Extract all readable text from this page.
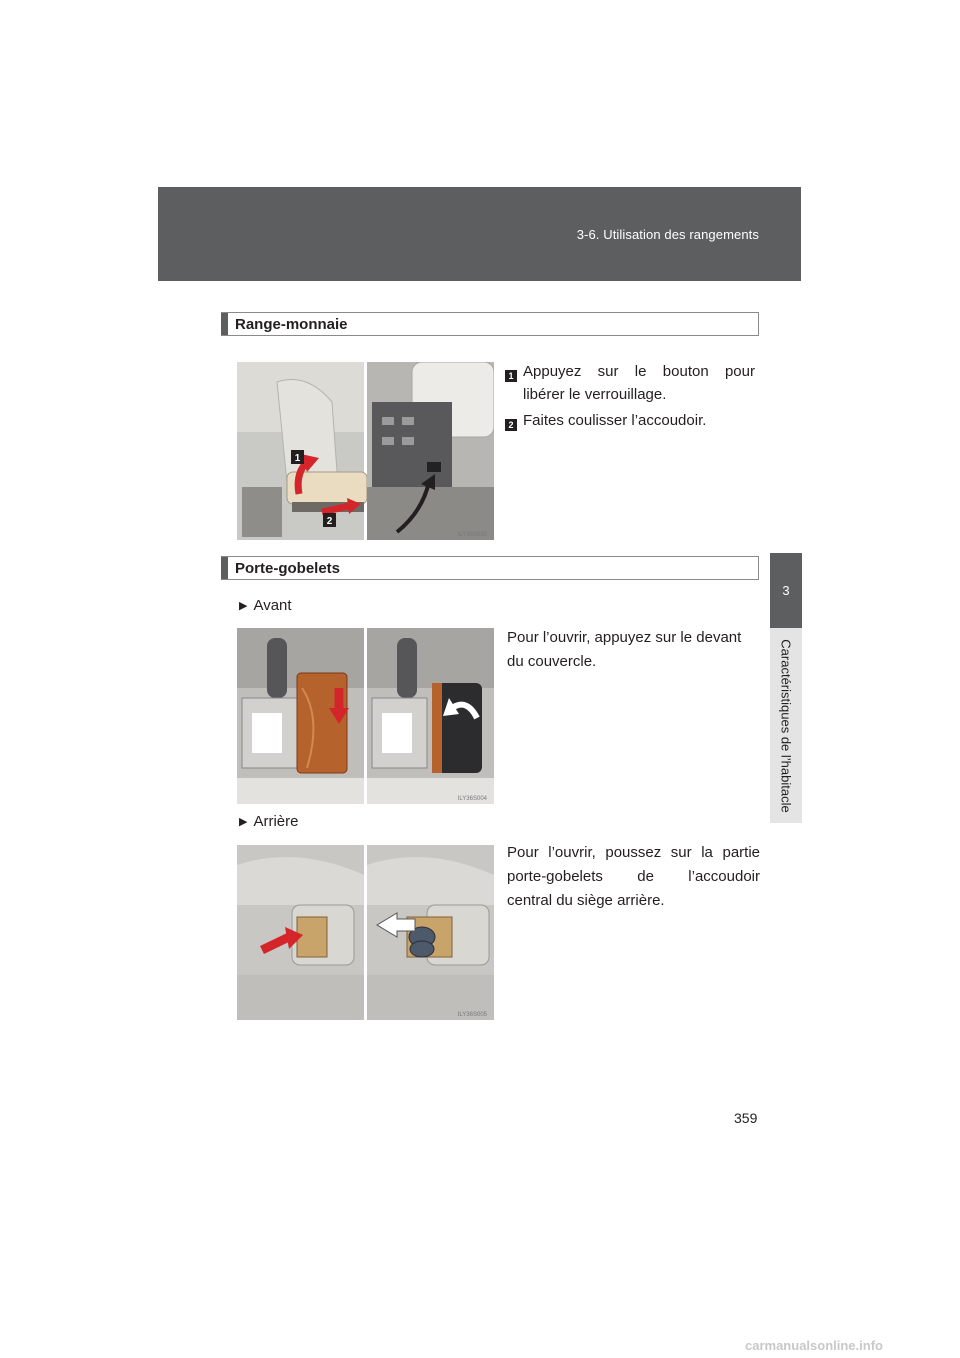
3-6. Utilisation des rangements
3
Caractéristiques de l’habitacle
Range-monnaie
1
2
ILY36S020
1 Appuyez sur le bouton pour
libérer le verrouillage.
2 Faites coulisser l’accoudoir.
Porte-gobelets
▶ Avant
ILY36S004
Pour l’ouvrir, appuyez sur le devant
du couvercle.
▶ Arrière
ILY36S005
Pour l’ouvrir, poussez sur la partie
porte-gobelets de l’accoudoir
central du siège arrière.
359
carmanualsonline.info
